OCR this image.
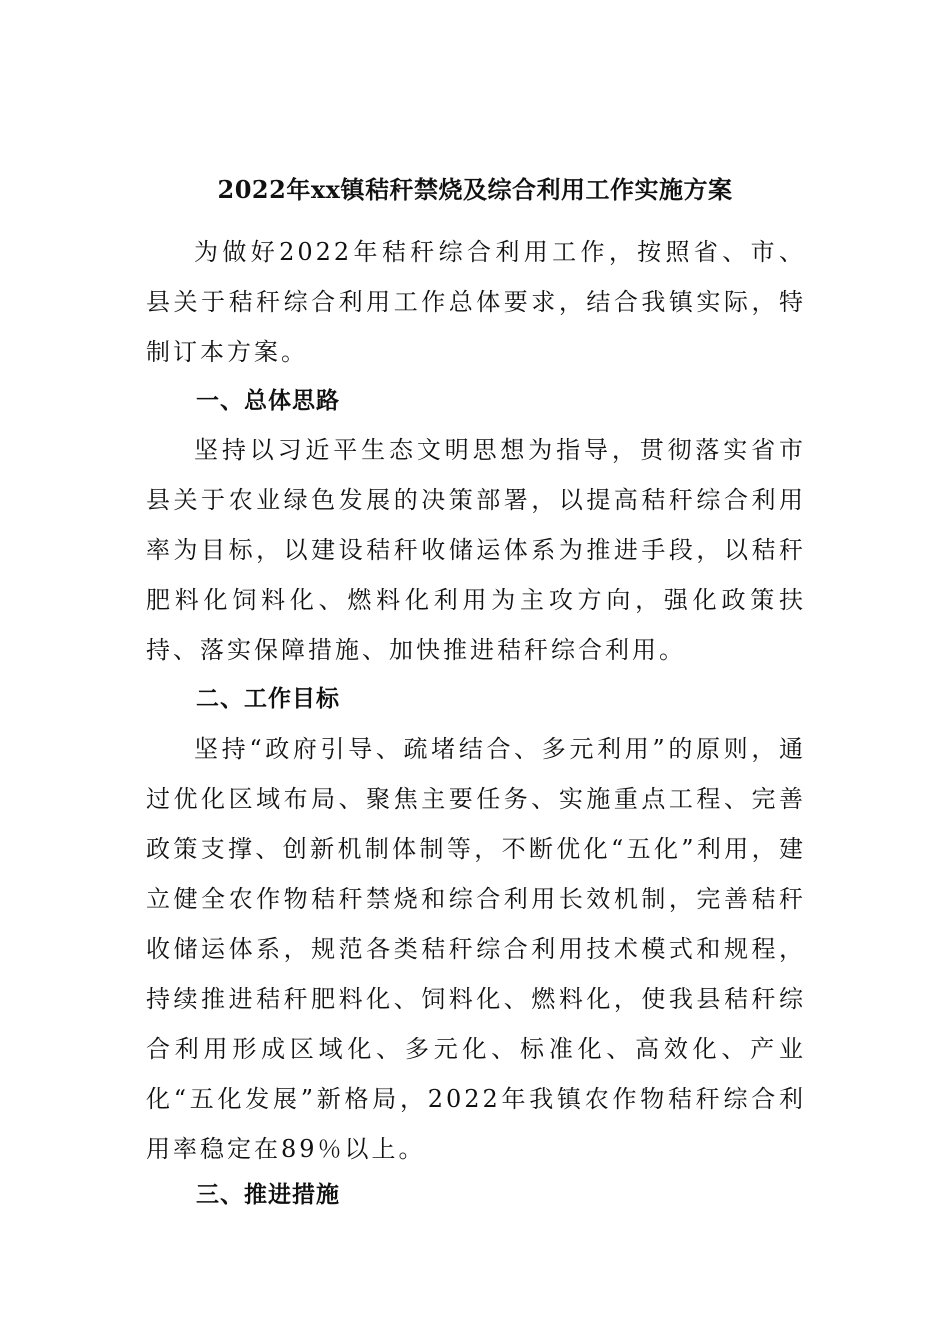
2022年xx镇秸秆禁烧及综合利用工作实施方案

为做好2022年秸秆综合利用工作，按照省、市、县关于秸秆综合利用工作总体要求，结合我镇实际，特制订本方案。

一、总体思路

坚持以习近平生态文明思想为指导，贯彻落实省市县关于农业绿色发展的决策部署，以提高秸秆综合利用率为目标，以建设秸秆收储运体系为推进手段，以秸秆肥料化饲料化、燃料化利用为主攻方向，强化政策扶持、落实保障措施、加快推进秸秆综合利用。

二、工作目标

坚持“政府引导、疏堵结合、多元利用”的原则，通过优化区域布局、聚焦主要任务、实施重点工程、完善政策支撑、创新机制体制等，不断优化“五化”利用，建立健全农作物秸秆禁烧和综合利用长效机制，完善秸秆收储运体系，规范各类秸秆综合利用技术模式和规程，持续推进秸秆肥料化、饲料化、燃料化，使我县秸秆综合利用形成区域化、多元化、标准化、高效化、产业化“五化发展”新格局，2022年我镇农作物秸秆综合利用率稳定在89％以上。

三、推进措施
